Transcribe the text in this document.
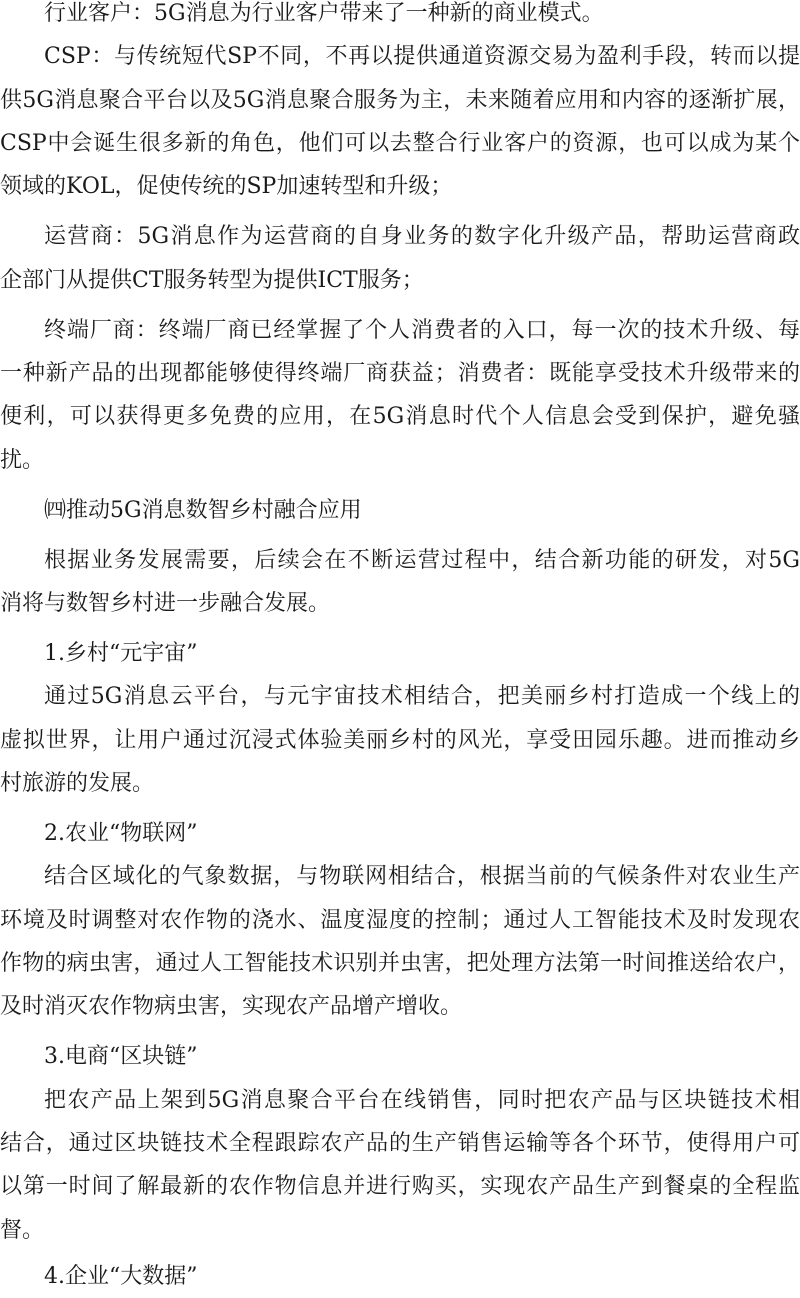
行业客户：5G消息为行业客户带来了一种新的商业模式。
CSP：与传统短代SP不同，不再以提供通道资源交易为盈利手段，转而以提
供5G消息聚合平台以及5G消息聚合服务为主，未来随着应用和内容的逐渐扩展，
CSP中会诞生很多新的角色，他们可以去整合行业客户的资源，也可以成为某个
领域的KOL，促使传统的SP加速转型和升级；
运营商：5G消息作为运营商的自身业务的数字化升级产品，帮助运营商政
企部门从提供CT服务转型为提供ICT服务；
终端厂商：终端厂商已经掌握了个人消费者的入口，每一次的技术升级、每
一种新产品的出现都能够使得终端厂商获益；消费者：既能享受技术升级带来的
便利，可以获得更多免费的应用，在5G消息时代个人信息会受到保护，避免骚
扰。
㈣推动5G消息数智乡村融合应用
根据业务发展需要，后续会在不断运营过程中，结合新功能的研发，对5G
消将与数智乡村进一步融合发展。
1.乡村“元宇宙”
通过5G消息云平台，与元宇宙技术相结合，把美丽乡村打造成一个线上的
虚拟世界，让用户通过沉浸式体验美丽乡村的风光，享受田园乐趣。进而推动乡
村旅游的发展。
2.农业“物联网”
结合区域化的气象数据，与物联网相结合，根据当前的气候条件对农业生产
环境及时调整对农作物的浇水、温度湿度的控制；通过人工智能技术及时发现农
作物的病虫害，通过人工智能技术识别并虫害，把处理方法第一时间推送给农户，
及时消灭农作物病虫害，实现农产品增产增收。
3.电商“区块链”
把农产品上架到5G消息聚合平台在线销售，同时把农产品与区块链技术相
结合，通过区块链技术全程跟踪农产品的生产销售运输等各个环节，使得用户可
以第一时间了解最新的农作物信息并进行购买，实现农产品生产到餐桌的全程监
督。
4.企业“大数据”
